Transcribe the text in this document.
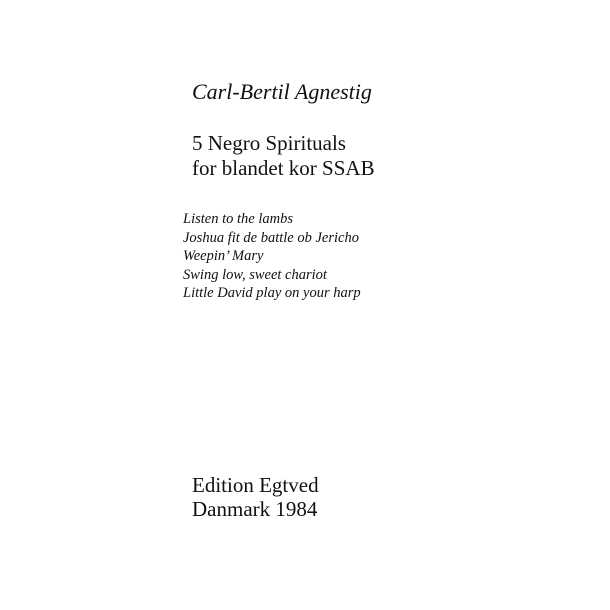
Carl-Bertil Agnestig
5 Negro Spirituals
for blandet kor SSAB
Listen to the lambs
Joshua fit de battle ob Jericho
Weepin’ Mary
Swing low, sweet chariot
Little David play on your harp
Edition Egtved
Danmark 1984
